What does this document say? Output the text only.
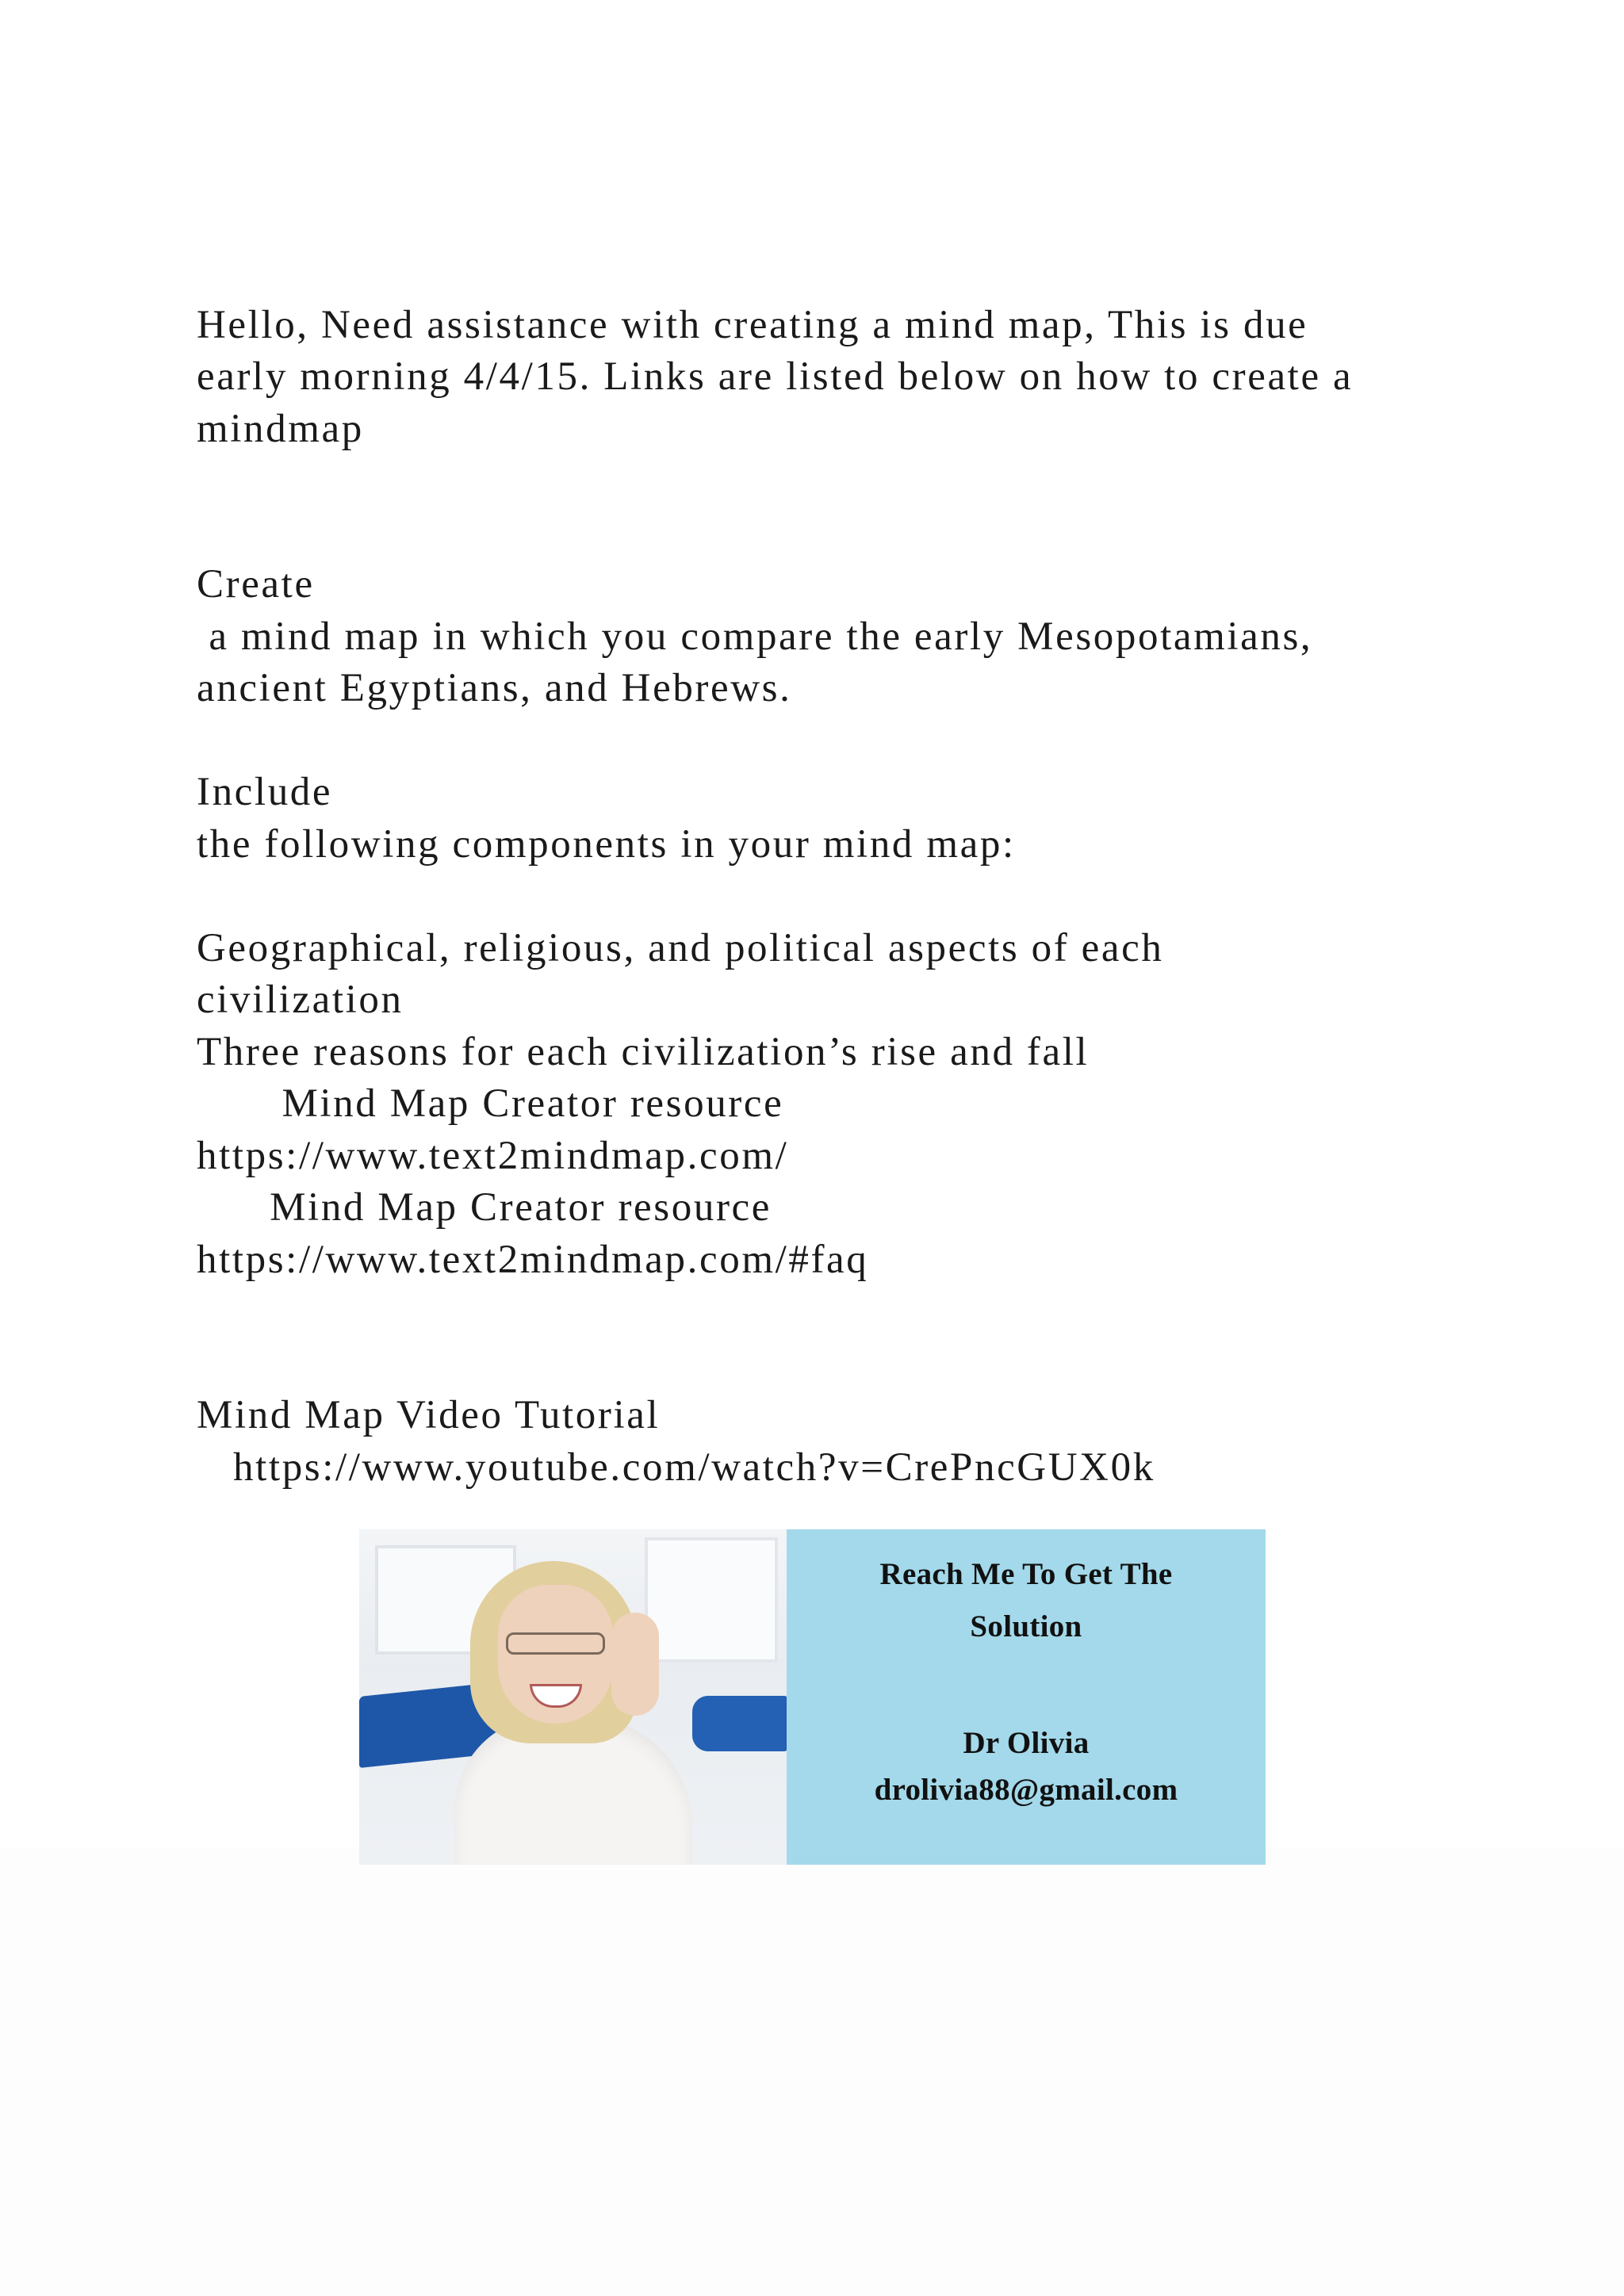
Hello, Need assistance with creating a mind map, This is due
early morning 4/4/15. Links are listed below on how to create a
mindmap
Create
a mind map in which you compare the early Mesopotamians,
ancient Egyptians, and Hebrews.
Include
the following components in your mind map:
Geographical, religious, and political aspects of each
civilization
Three reasons for each civilization’s rise and fall
Mind Map Creator resource
https://www.text2mindmap.com/
Mind Map Creator resource
https://www.text2mindmap.com/#faq
Mind Map Video Tutorial
https://www.youtube.com/watch?v=CrePncGUX0k
Reach Me To Get The
Solution
Dr Olivia
drolivia88@gmail.com
